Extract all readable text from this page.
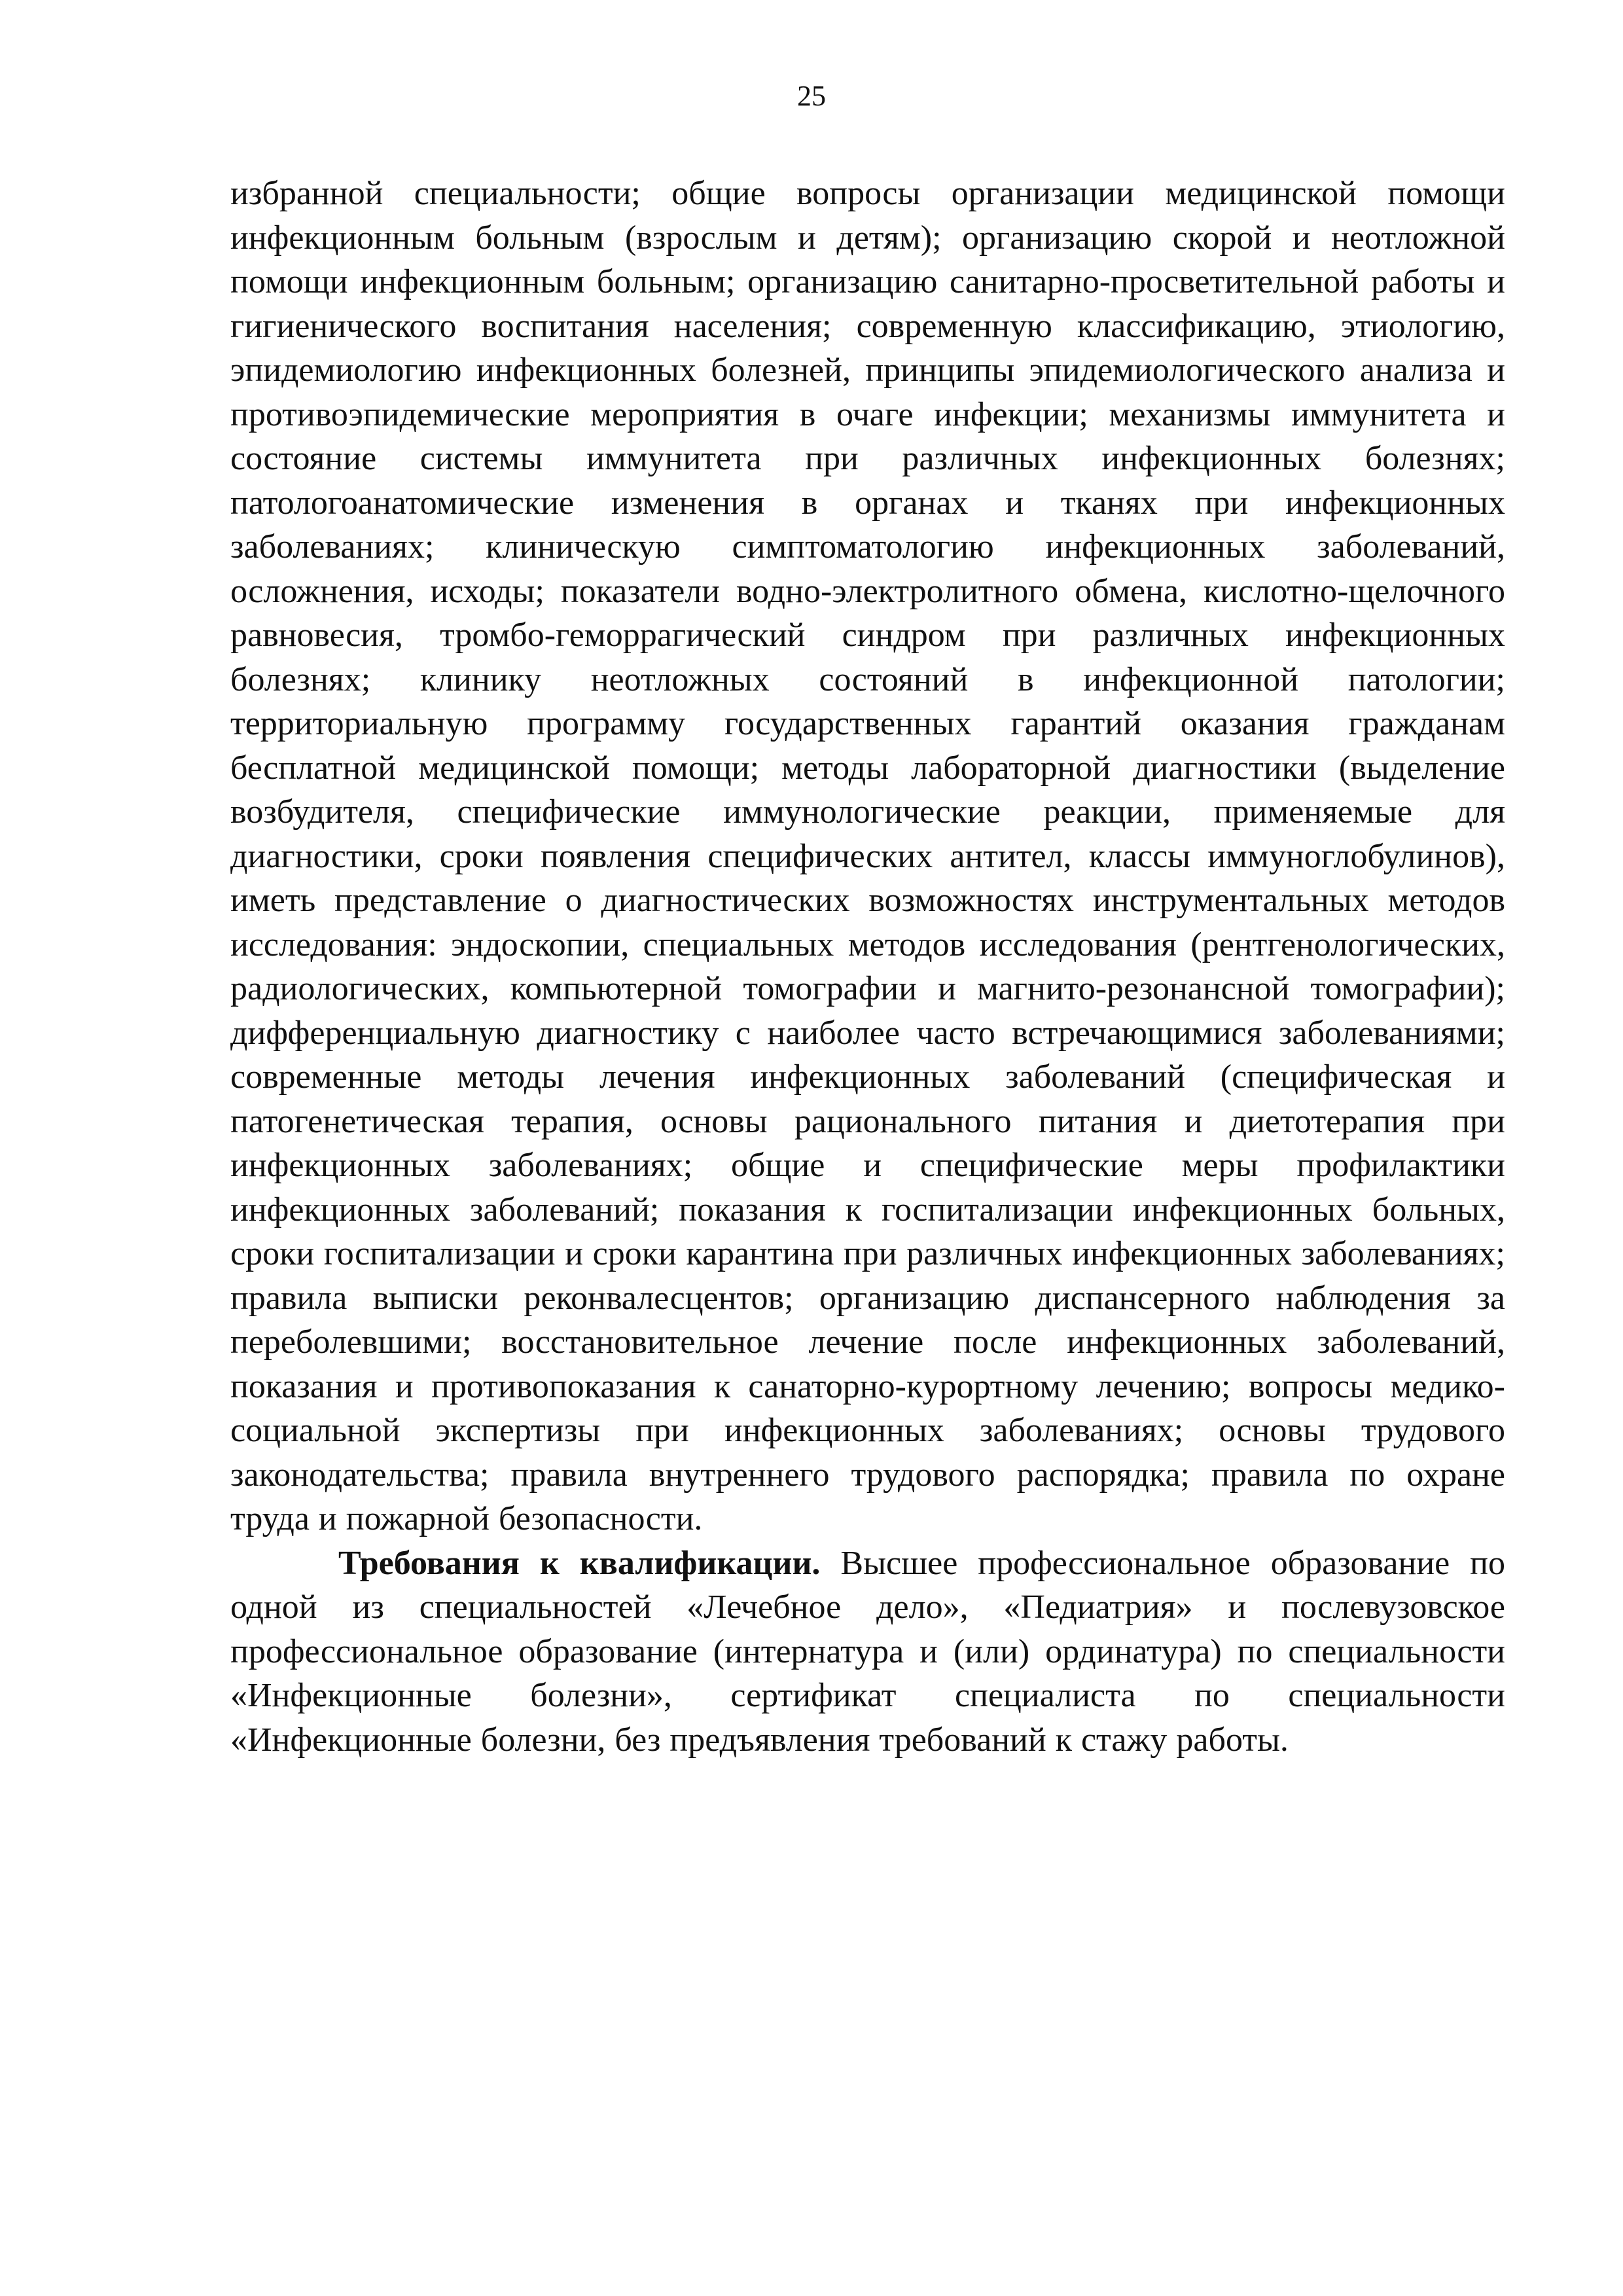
25

избранной специальности; общие вопросы организации медицинской помощи инфекционным больным (взрослым и детям); организацию скорой и неотложной помощи инфекционным больным; организацию санитарно-просветительной работы и гигиенического воспитания населения; современную классификацию, этиологию, эпидемиологию инфекционных болезней, принципы эпидемиологического анализа и противоэпидемические мероприятия в очаге инфекции; механизмы иммунитета и состояние системы иммунитета при различных инфекционных болезнях; патологоанатомические изменения в органах и тканях при инфекционных заболеваниях; клиническую симптоматологию инфекционных заболеваний, осложнения, исходы; показатели водно-электролитного обмена, кислотно-щелочного равновесия, тромбо-геморрагический синдром при различных инфекционных болезнях; клинику неотложных состояний в инфекционной патологии; территориальную программу государственных гарантий оказания гражданам бесплатной медицинской помощи; методы лабораторной диагностики (выделение возбудителя, специфические иммунологические реакции, применяемые для диагностики, сроки появления специфических антител, классы иммуноглобулинов), иметь представление о диагностических возможностях инструментальных методов исследования: эндоскопии, специальных методов исследования (рентгенологических, радиологических, компьютерной томографии и магнито-резонансной томографии); дифференциальную диагностику с наиболее часто встречающимися заболеваниями; современные методы лечения инфекционных заболеваний (специфическая и патогенетическая терапия, основы рационального питания и диетотерапия при инфекционных заболеваниях; общие и специфические меры профилактики инфекционных заболеваний; показания к госпитализации инфекционных больных, сроки госпитализации и сроки карантина при различных инфекционных заболеваниях; правила выписки реконвалесцентов; организацию диспансерного наблюдения за переболевшими; восстановительное лечение после инфекционных заболеваний, показания и противопоказания к санаторно-курортному лечению; вопросы медико-социальной экспертизы при инфекционных заболеваниях; основы трудового законодательства; правила внутреннего трудового распорядка; правила по охране труда и пожарной безопасности.

Требования к квалификации. Высшее профессиональное образование по одной из специальностей «Лечебное дело», «Педиатрия» и послевузовское профессиональное образование (интернатура и (или) ординатура) по специальности «Инфекционные болезни», сертификат специалиста по специальности «Инфекционные болезни, без предъявления требований к стажу работы.
